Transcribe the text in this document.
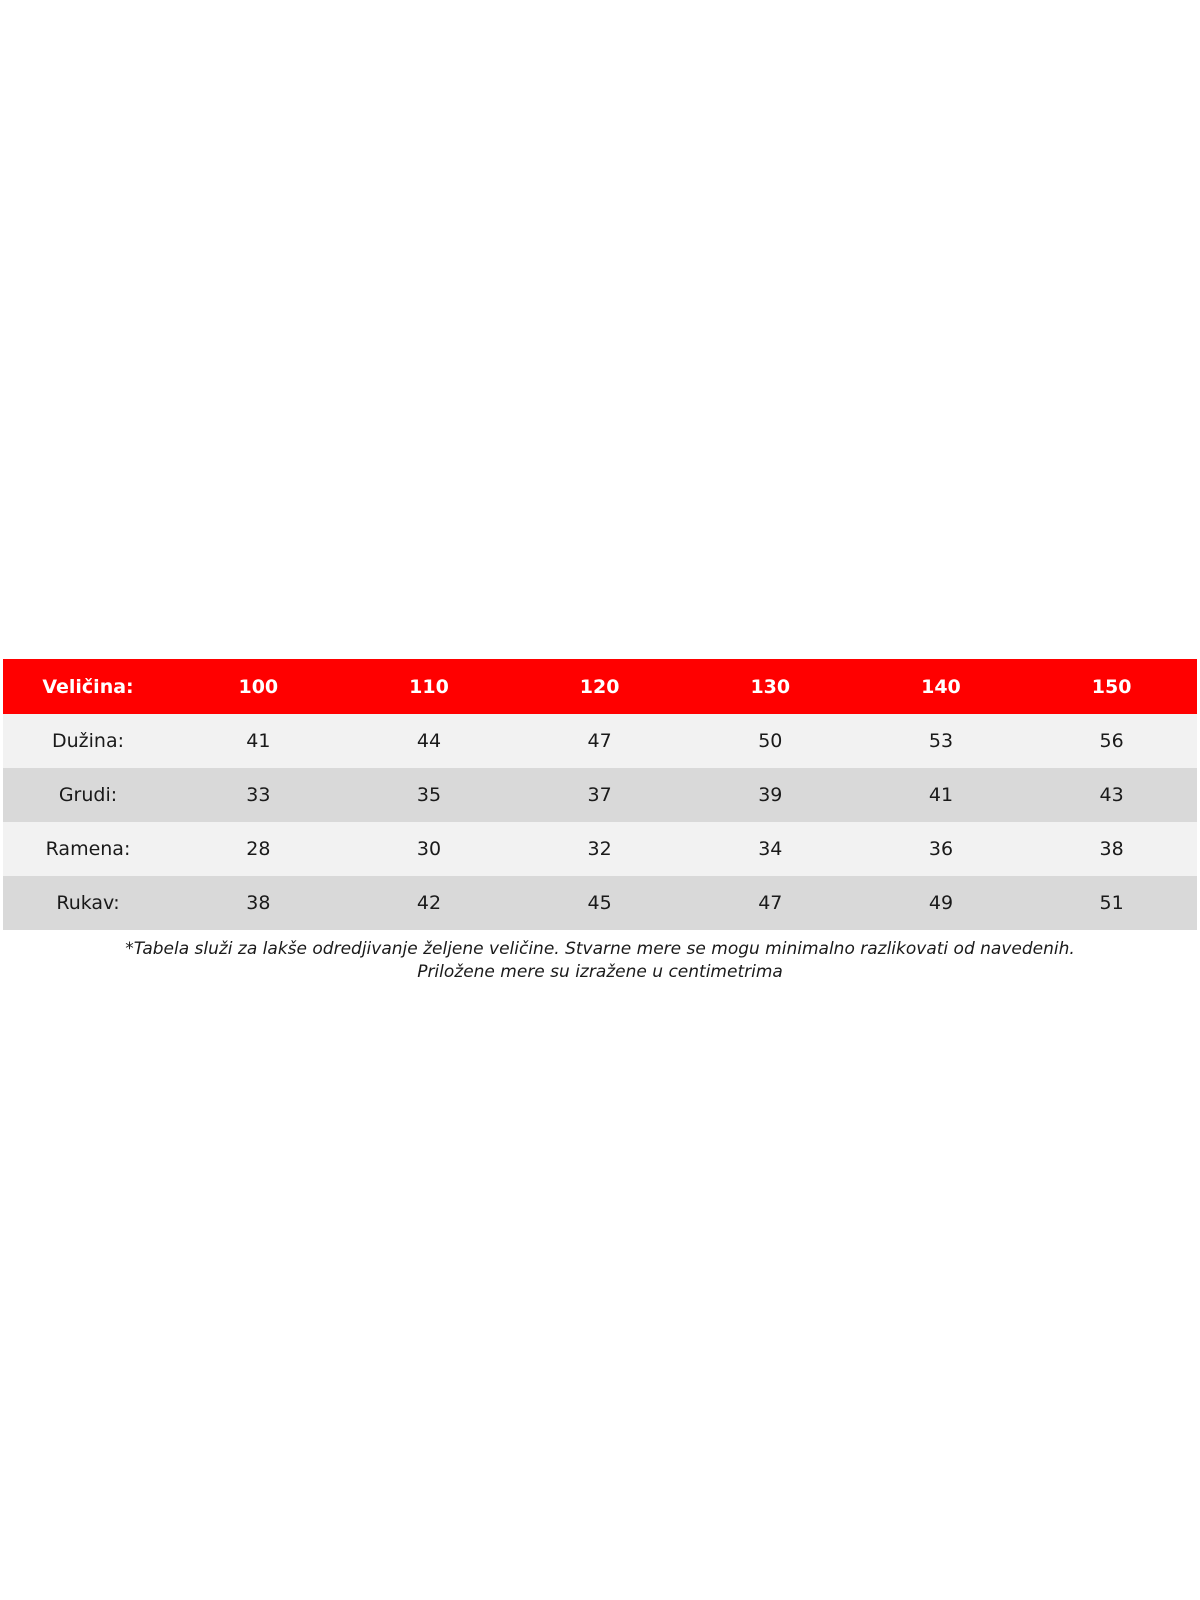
Veličina:	100	110	120	130	140	150
Dužina:	41	44	47	50	53	56
Grudi:	33	35	37	39	41	43
Ramena:	28	30	32	34	36	38
Rukav:	38	42	45	47	49	51
*Tabela služi za lakše odredjivanje željene veličine. Stvarne mere se mogu minimalno razlikovati od navedenih.
Priložene mere su izražene u centimetrima
